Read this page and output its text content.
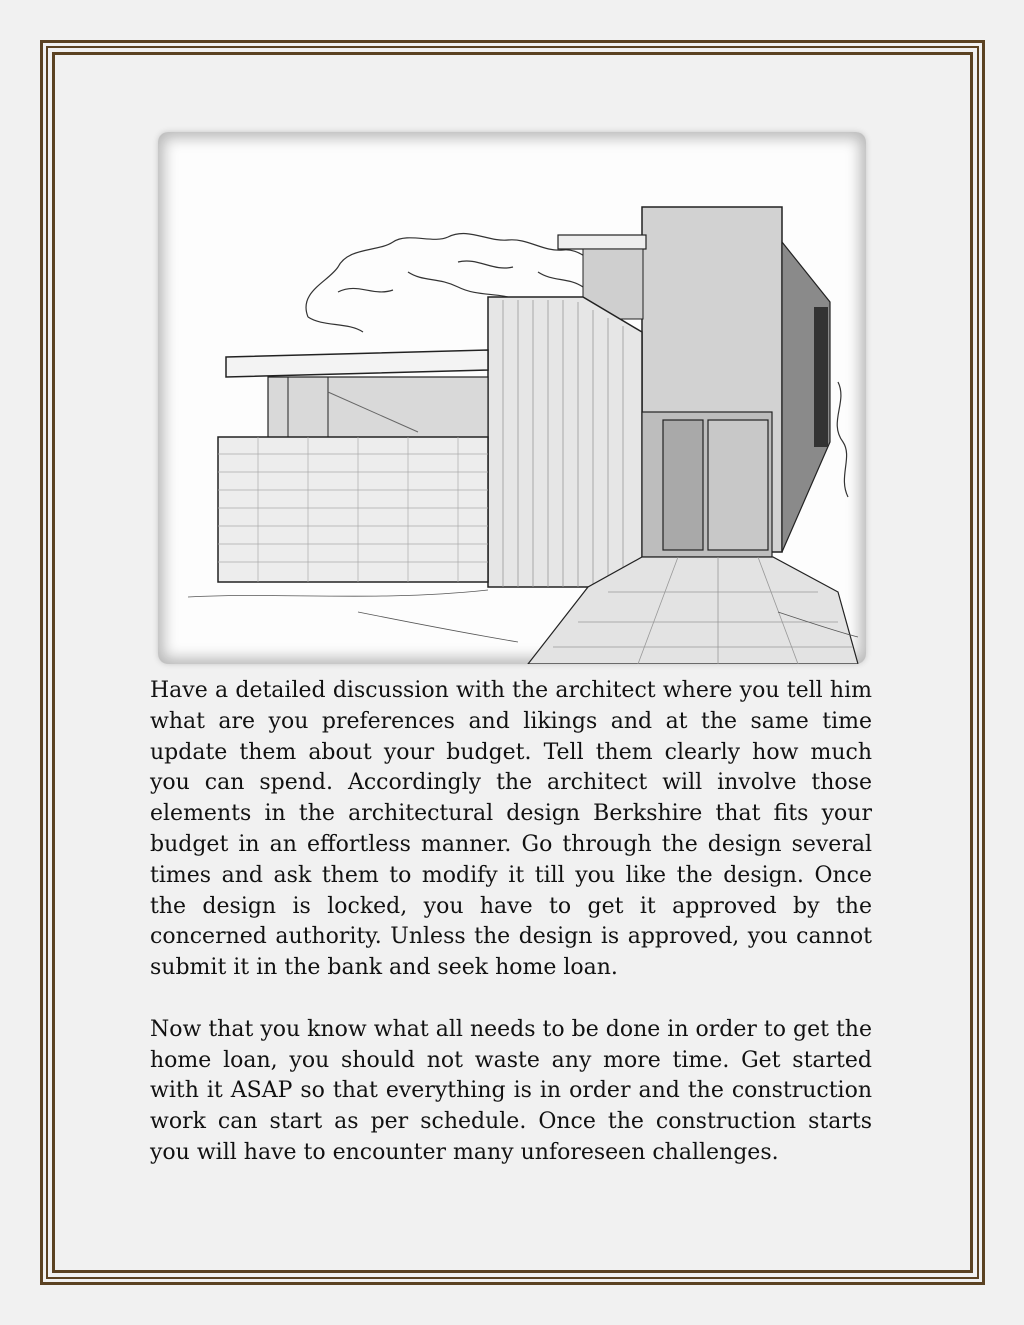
Have a detailed discussion with the architect where you tell him what are you preferences and likings and at the same time update them about your budget. Tell them clearly how much you can spend. Accordingly the architect will involve those elements in the architectural design Berkshire that fits your budget in an effortless manner. Go through the design several times and ask them to modify it till you like the design. Once the design is locked, you have to get it approved by the concerned authority. Unless the design is approved, you cannot submit it in the bank and seek home loan.

Now that you know what all needs to be done in order to get the home loan, you should not waste any more time. Get started with it ASAP so that everything is in order and the construction work can start as per schedule. Once the construction starts you will have to encounter many unforeseen challenges.
